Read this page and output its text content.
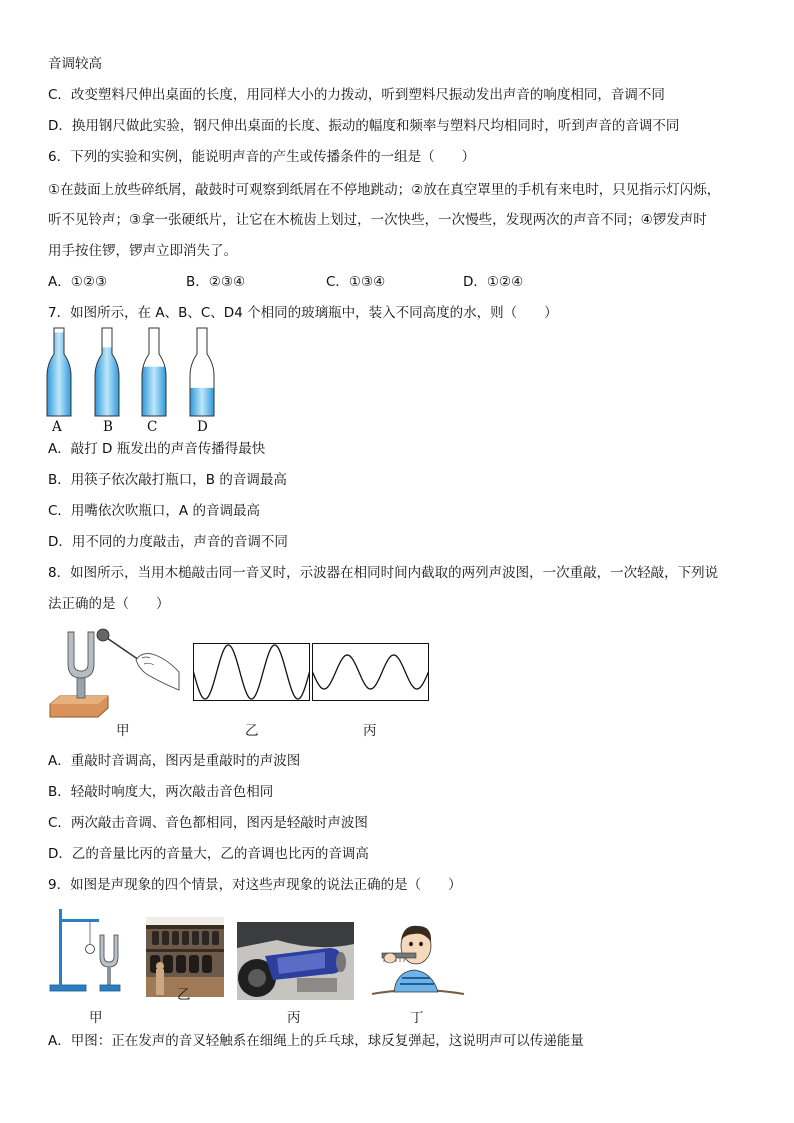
音调较高
C．改变塑料尺伸出桌面的长度，用同样大小的力拨动，听到塑料尺振动发出声音的响度相同，音调不同
D．换用钢尺做此实验，钢尺伸出桌面的长度、振动的幅度和频率与塑料尺均相同时，听到声音的音调不同
6．下列的实验和实例，能说明声音的产生或传播条件的一组是（　　）
①在鼓面上放些碎纸屑，敲鼓时可观察到纸屑在不停地跳动；②放在真空罩里的手机有来电时，只见指示灯闪烁，
听不见铃声；③拿一张硬纸片，让它在木梳齿上划过，一次快些，一次慢些，发现两次的声音不同；④锣发声时
用手按住锣，锣声立即消失了。
A．①②③	B．②③④	C．①③④	D．①②④
7．如图所示，在 A、B、C、D4 个相同的玻璃瓶中，装入不同高度的水，则（　　）
A	B	C	D
A．敲打 D 瓶发出的声音传播得最快
B．用筷子依次敲打瓶口，B 的音调最高
C．用嘴依次吹瓶口，A 的音调最高
D．用不同的力度敲击，声音的音调不同
8．如图所示，当用木槌敲击同一音叉时，示波器在相同时间内截取的两列声波图，一次重敲，一次轻敲，下列说
法正确的是（　　）
甲	乙	丙
A．重敲时音调高，图丙是重敲时的声波图
B．轻敲时响度大，两次敲击音色相同
C．两次敲击音调、音色都相同，图丙是轻敲时声波图
D．乙的音量比丙的音量大，乙的音调也比丙的音调高
9．如图是声现象的四个情景，对这些声现象的说法正确的是（　　）
甲
乙
丙	丁
A．甲图：正在发声的音叉轻触系在细绳上的乒乓球，球反复弹起，这说明声可以传递能量
